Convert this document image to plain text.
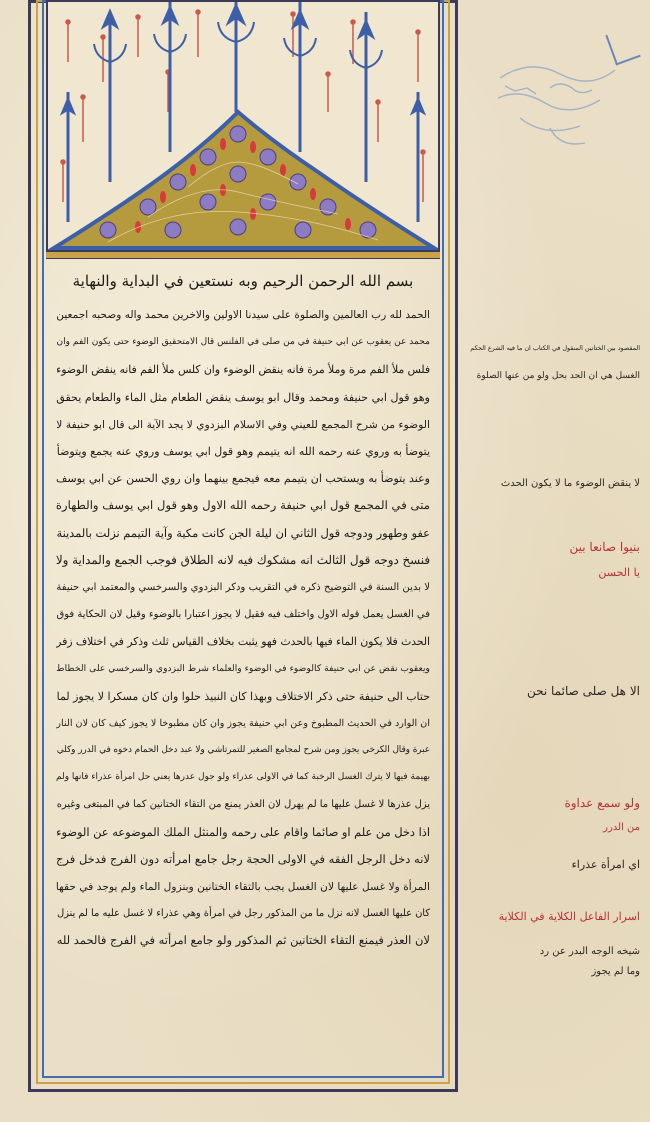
بسم الله الرحمن الرحيم وبه نستعين في البداية والنهاية
الحمد لله رب العالمين والصلوة على سيدنا الاولين والاخرين محمد واله وصحبه اجمعين
محمد عن يعقوب عن ابي حنيفة في من صلى في الفلنس قال الامتحقيق الوضوء حتى يكون الفم وان
فلس ملأ الفم مرة وملأ مرة فانه ينقض الوضوء وان كلس ملأ الفم فانه ينقض الوضوء
وهو قول ابي حنيفة ومحمد وقال ابو يوسف ينقض الطعام مثل الماء والطعام يحقق
الوضوء من شرح المجمع للعيني وفي الاسلام البزدوي لا يجد الآية الى قال ابو حنيفة لا
يتوضأ به وروي عنه رحمه الله انه يتيمم وهو قول ابي يوسف وروي عنه يجمع ويتوضأ
وعند يتوضأ به ويستحب ان يتيمم معه فيجمع بينهما وان روي الحسن عن ابي يوسف
متى في المجمع قول ابي حنيفة رحمه الله الاول وهو قول ابي يوسف والطهارة
عفو وطهور ودوجه قول الثاني ان ليلة الجن كانت مكية وآية التيمم نزلت بالمدينة
فنسخ دوجه قول الثالث انه مشكوك فيه لانه الطلاق فوجب الجمع والمداية ولا
لا بدين السنة في التوضيح ذكره في التقريب ودكر البزدوي والسرخسي والمعتمد ابي حنيفة
في الغسل يعمل قوله الاول واختلف فيه فقيل لا يجوز اعتبارا بالوضوء وقيل لان الحكاية فوق
الحدث فلا يكون الماء فيها بالحدث فهو يثبت بخلاف القياس ثلث وذكر في اختلاف زفر
ويعقوب نقض عن ابي حنيفة كالوضوء في الوضوء والعلماء شرط البزدوي والسرخسي على الخطاط
حتاب الى حنيفة حتى ذكر الاختلاف وبهذا كان النبيذ حلوا وان كان مسكرا لا يجوز لما
ان الوارد في الحديث المطبوخ وعن ابي حنيفة يجوز وان كان مطبوخا لا يجوز كيف كان لان النار
عبرة وقال الكرخي يجوز ومن شرح لمجامع الصغير للتمرتاشي ولا عبد دخل الحمام دخوه في الدرر وكلي
بهيمة فيها لا يترك الغسل الرخبة كما في الاولى عذراء ولو جول عدرها يعني حل امرأة عذراء فانها ولم
يزل عذرها لا غسل عليها ما لم يهرل لان العذر يمنع من التقاء الختانين كما في المبتغى وغيره
اذا دخل من علم او صائما واقام على رحمه والمنثل الملك الموضوعه عن الوضوء
لانه دخل الرجل الفقه في الاولى الحجة رجل جامع امرأته دون الفرج فدخل فرج
المرأة ولا غسل عليها لان الغسل يجب بالتقاء الختانين وبنزول الماء ولم يوجد في حقها
كان عليها الغسل لانه نزل ما من المذكور رجل في امرأة وهي عذراء لا غسل عليه ما لم ينزل
لان العذر فيمنع التقاء الختانين ثم المذكور ولو جامع امرأته في الفرج فالحمد لله
المقصود بين الختانين المنقول في الكتاب ان ما فيه الشرع الحكم
الغسل هي ان الحد بحل ولو من عنها الصلوة
لا ينقض الوضوء ما لا يكون الحدث
بنيوا صانعا بين
يا الحسن
الا هل صلى صائما نحن
ولو سمع عداوة
من الدرر
اي امرأة عذراء
اسرار الفاعل الكلاية في الكلاية
شيخه الوجه البدر عن رد
وما لم يجوز
